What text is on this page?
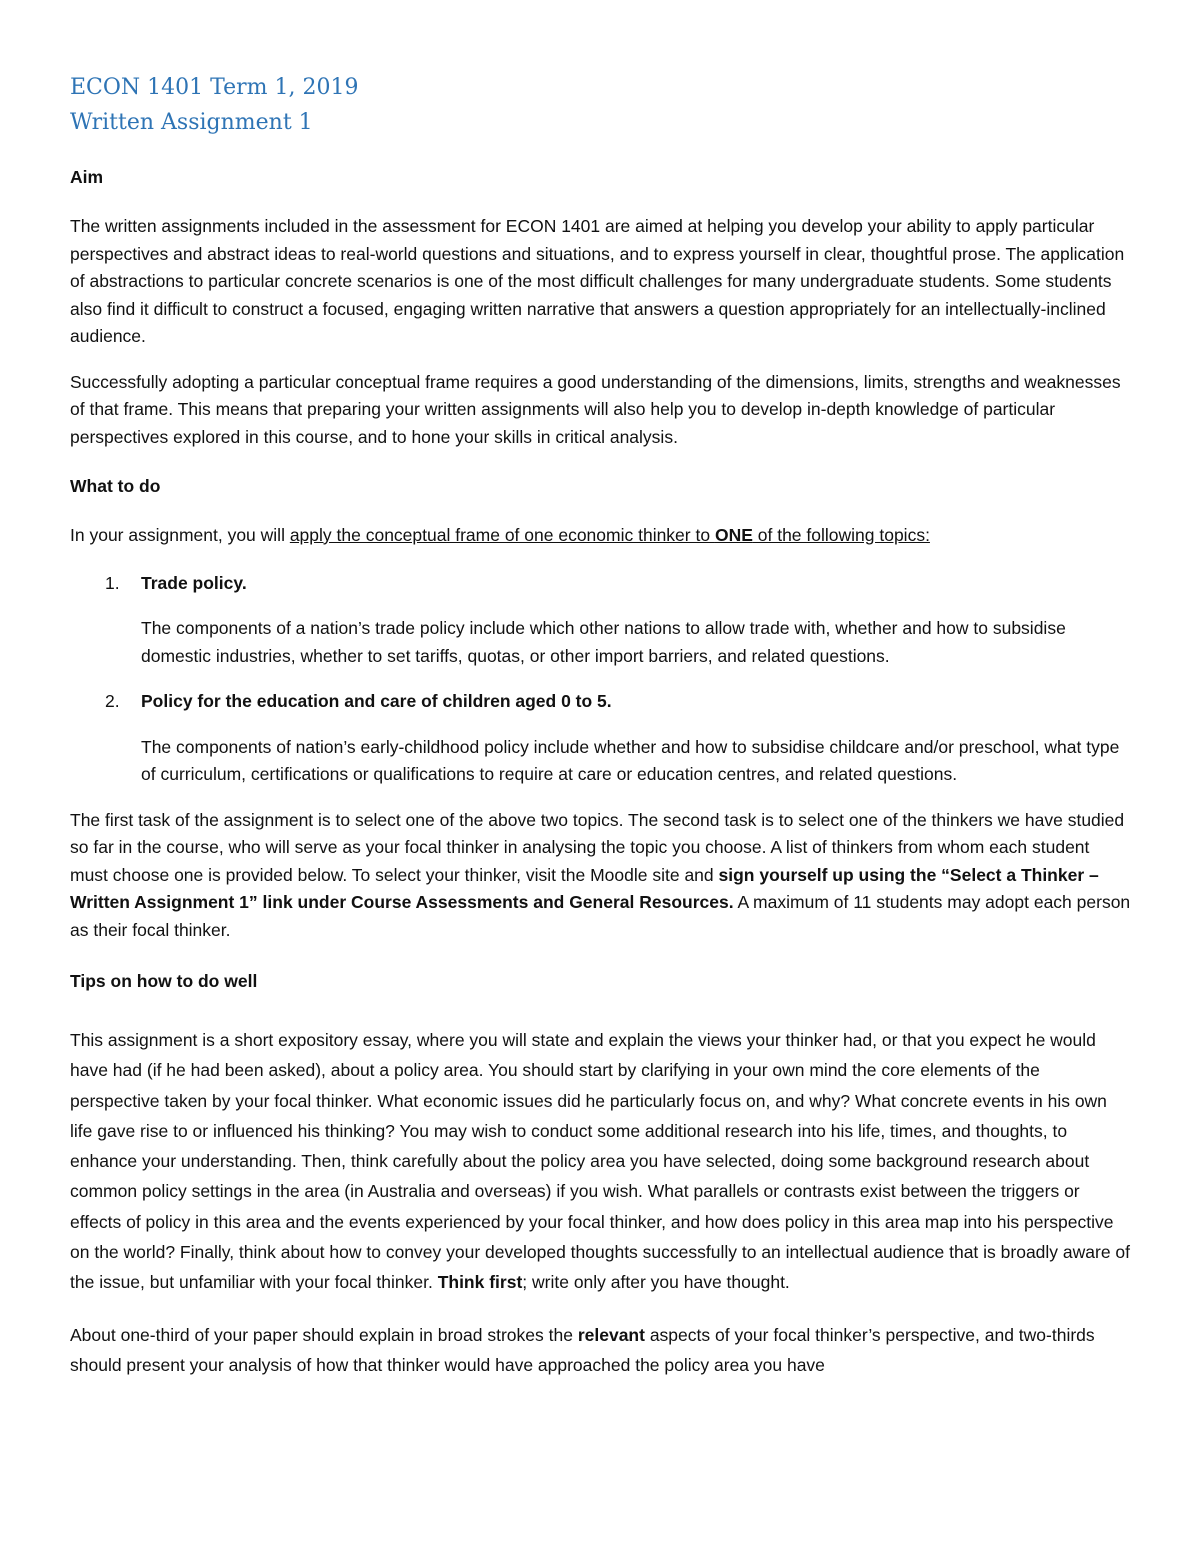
ECON 1401 Term 1, 2019
Written Assignment 1
Aim

The written assignments included in the assessment for ECON 1401 are aimed at helping you develop your ability to apply particular perspectives and abstract ideas to real-world questions and situations, and to express yourself in clear, thoughtful prose. The application of abstractions to particular concrete scenarios is one of the most difficult challenges for many undergraduate students. Some students also find it difficult to construct a focused, engaging written narrative that answers a question appropriately for an intellectually-inclined audience.

Successfully adopting a particular conceptual frame requires a good understanding of the dimensions, limits, strengths and weaknesses of that frame. This means that preparing your written assignments will also help you to develop in-depth knowledge of particular perspectives explored in this course, and to hone your skills in critical analysis.

What to do

In your assignment, you will apply the conceptual frame of one economic thinker to ONE of the following topics:

1. Trade policy.

The components of a nation’s trade policy include which other nations to allow trade with, whether and how to subsidise domestic industries, whether to set tariffs, quotas, or other import barriers, and related questions.

2. Policy for the education and care of children aged 0 to 5.

The components of nation’s early-childhood policy include whether and how to subsidise childcare and/or preschool, what type of curriculum, certifications or qualifications to require at care or education centres, and related questions.

The first task of the assignment is to select one of the above two topics. The second task is to select one of the thinkers we have studied so far in the course, who will serve as your focal thinker in analysing the topic you choose. A list of thinkers from whom each student must choose one is provided below. To select your thinker, visit the Moodle site and sign yourself up using the “Select a Thinker – Written Assignment 1” link under Course Assessments and General Resources. A maximum of 11 students may adopt each person as their focal thinker.

Tips on how to do well

This assignment is a short expository essay, where you will state and explain the views your thinker had, or that you expect he would have had (if he had been asked), about a policy area. You should start by clarifying in your own mind the core elements of the perspective taken by your focal thinker. What economic issues did he particularly focus on, and why? What concrete events in his own life gave rise to or influenced his thinking? You may wish to conduct some additional research into his life, times, and thoughts, to enhance your understanding. Then, think carefully about the policy area you have selected, doing some background research about common policy settings in the area (in Australia and overseas) if you wish. What parallels or contrasts exist between the triggers or effects of policy in this area and the events experienced by your focal thinker, and how does policy in this area map into his perspective on the world? Finally, think about how to convey your developed thoughts successfully to an intellectual audience that is broadly aware of the issue, but unfamiliar with your focal thinker. Think first; write only after you have thought.

About one-third of your paper should explain in broad strokes the relevant aspects of your focal thinker’s perspective, and two-thirds should present your analysis of how that thinker would have approached the policy area you have
